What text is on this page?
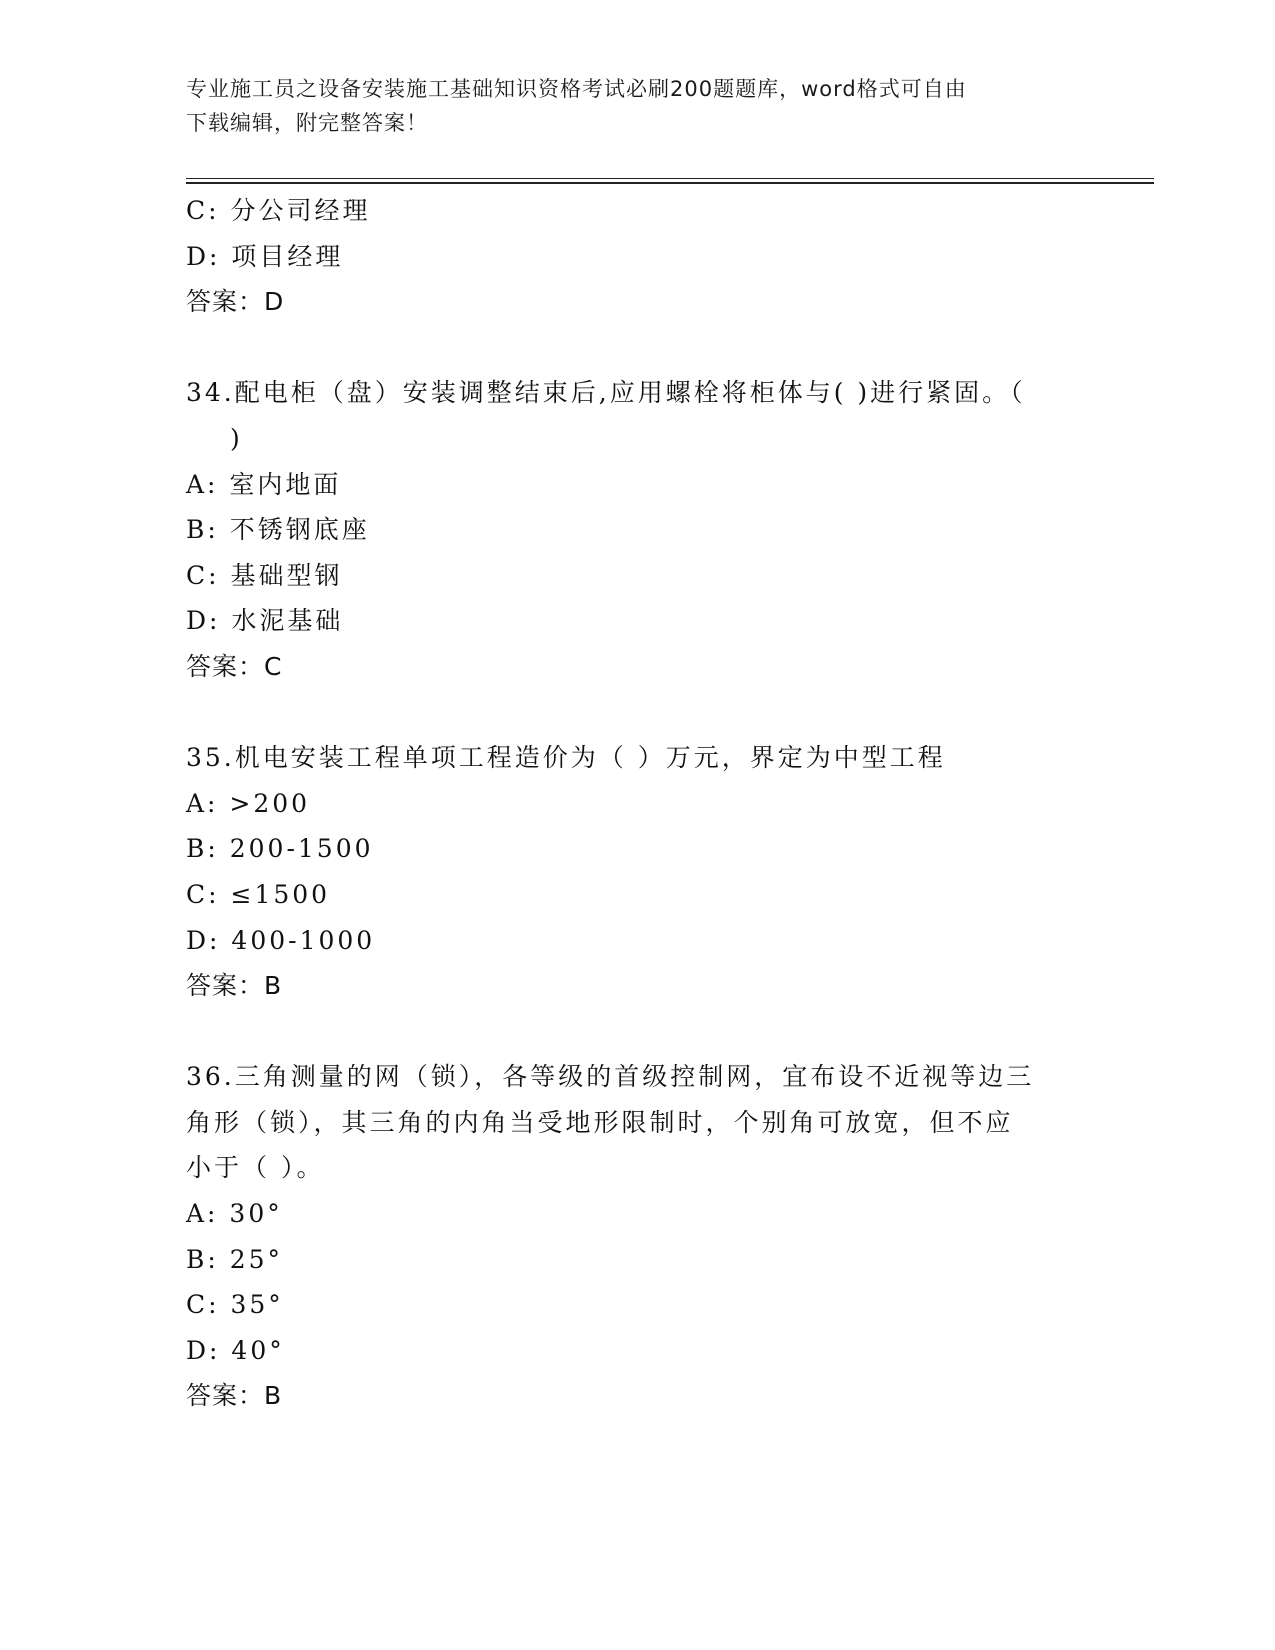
专业施工员之设备安装施工基础知识资格考试必刷200题题库，word格式可自由
下载编辑，附完整答案！
C: 分公司经理
D: 项目经理
答案：D
34.配电柜（盘）安装调整结束后,应用螺栓将柜体与( )进行紧固。（
)
A: 室内地面
B: 不锈钢底座
C: 基础型钢
D: 水泥基础
答案：C
35.机电安装工程单项工程造价为（ ）万元，界定为中型工程
A: >200
B: 200-1500
C: ≤1500
D: 400-1000
答案：B
36.三角测量的网（锁），各等级的首级控制网，宜布设不近视等边三
角形（锁），其三角的内角当受地形限制时，个别角可放宽，但不应
小于（ ）。
A: 30°
B: 25°
C: 35°
D: 40°
答案：B
